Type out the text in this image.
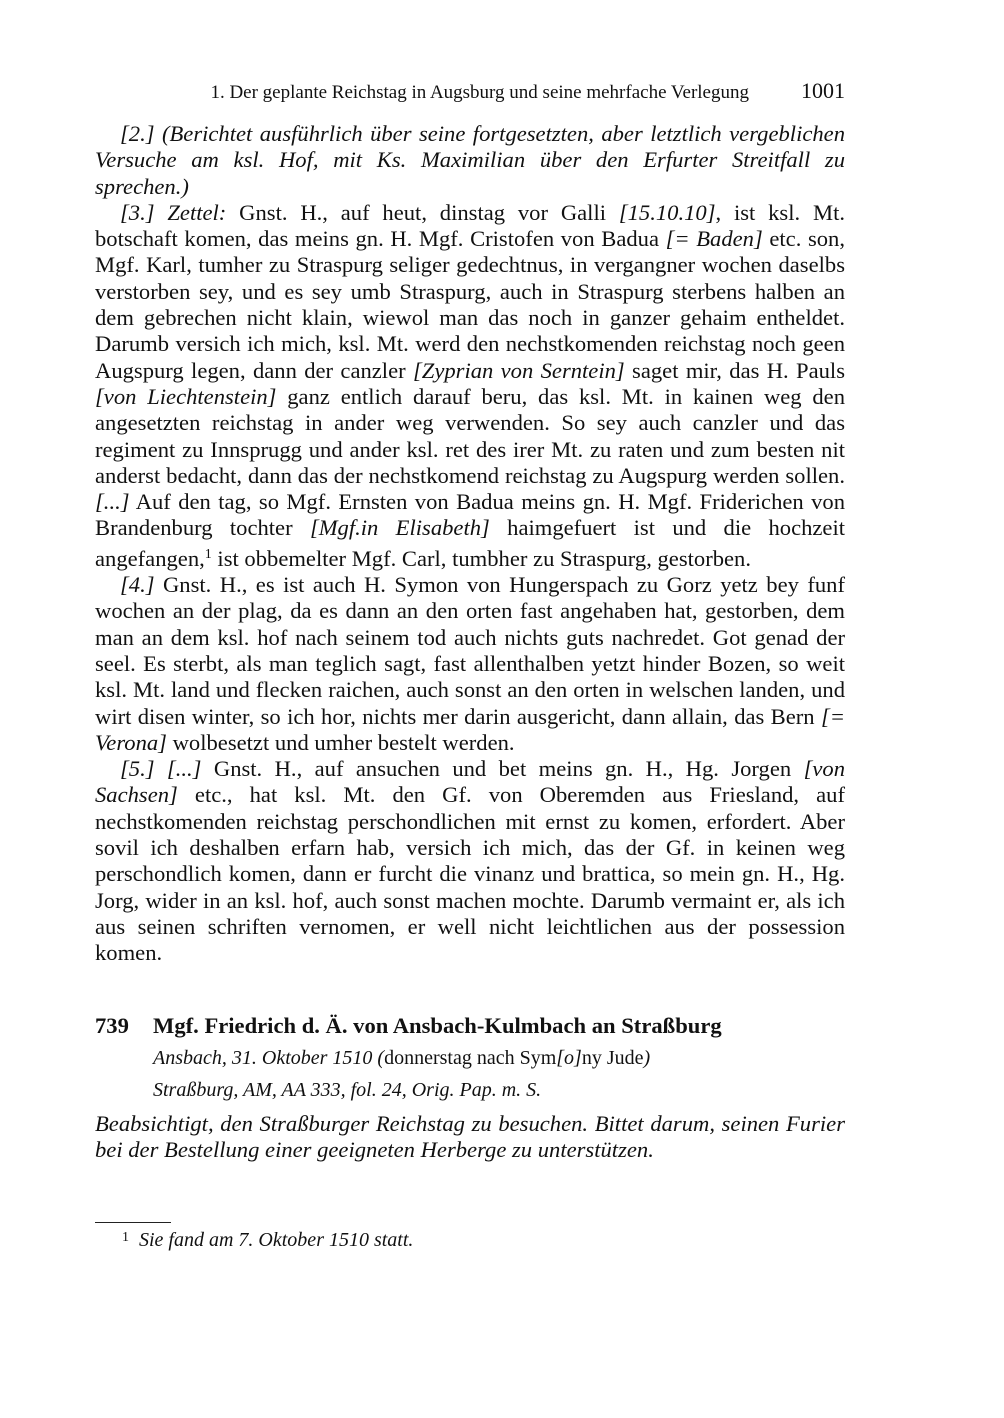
1. Der geplante Reichstag in Augsburg und seine mehrfache Verlegung 1001

[2.] (Berichtet ausführlich über seine fortgesetzten, aber letztlich vergeblichen Versuche am ksl. Hof, mit Ks. Maximilian über den Erfurter Streitfall zu sprechen.)

[3.] Zettel: Gnst. H., auf heut, dinstag vor Galli [15.10.10], ist ksl. Mt. botschaft komen, das meins gn. H. Mgf. Cristofen von Badua [= Baden] etc. son, Mgf. Karl, tumher zu Straspurg seliger gedechtnus, in vergangner wochen daselbs verstorben sey, und es sey umb Straspurg, auch in Straspurg sterbens halben an dem gebrechen nicht klain, wiewol man das noch in ganzer gehaim entheldet. Darumb versich ich mich, ksl. Mt. werd den nechstkomenden reichstag noch geen Augspurg legen, dann der canzler [Zyprian von Serntein] saget mir, das H. Pauls [von Liechtenstein] ganz entlich darauf beru, das ksl. Mt. in kainen weg den angesetzten reichstag in ander weg verwenden. So sey auch canzler und das regiment zu Innsprugg und ander ksl. ret des irer Mt. zu raten und zum besten nit anderst bedacht, dann das der nechstkomend reichstag zu Augspurg werden sollen. [...] Auf den tag, so Mgf. Ernsten von Badua meins gn. H. Mgf. Friderichen von Brandenburg tochter [Mgf.in Elisabeth] haimgefuert ist und die hochzeit angefangen,$^1$ ist obbemelter Mgf. Carl, tumbher zu Straspurg, gestorben.

[4.] Gnst. H., es ist auch H. Symon von Hungerspach zu Gorz yetz bey funf wochen an der plag, da es dann an den orten fast angehaben hat, gestorben, dem man an dem ksl. hof nach seinem tod auch nichts guts nachredet. Got genad der seel. Es sterbt, als man teglich sagt, fast allenthalben yetzt hinder Bozen, so weit ksl. Mt. land und flecken raichen, auch sonst an den orten in welschen landen, und wirt disen winter, so ich hor, nichts mer darin ausgericht, dann allain, das Bern [= Verona] wolbesetzt und umher bestelt werden.

[5.] [...] Gnst. H., auf ansuchen und bet meins gn. H., Hg. Jorgen [von Sachsen] etc., hat ksl. Mt. den Gf. von Oberemden aus Friesland, auf nechstkomenden reichstag perschondlichen mit ernst zu komen, erfordert. Aber sovil ich deshalben erfarn hab, versich ich mich, das der Gf. in keinen weg perschondlich komen, dann er furcht die vinanz und brattica, so mein gn. H., Hg. Jorg, wider in an ksl. hof, auch sonst machen mochte. Darumb vermaint er, als ich aus seinen schriften vernomen, er well nicht leichtlichen aus der possession komen.

739 Mgf. Friedrich d. Ä. von Ansbach-Kulmbach an Straßburg
Ansbach, 31. Oktober 1510 (donnerstag nach Sym[o]ny Jude)
Straßburg, AM, AA 333, fol. 24, Orig. Pap. m. S.
Beabsichtigt, den Straßburger Reichstag zu besuchen. Bittet darum, seinen Furier bei der Bestellung einer geeigneten Herberge zu unterstützen.
$^1$ Sie fand am 7. Oktober 1510 statt.
